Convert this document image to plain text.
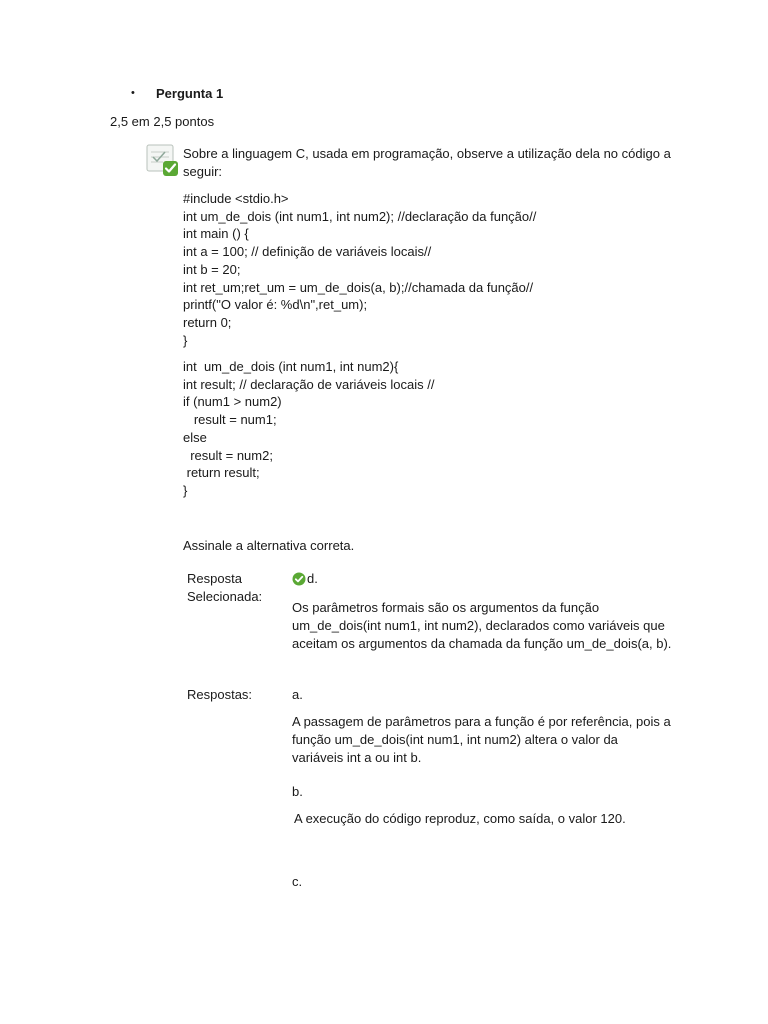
• Pergunta 1
2,5 em 2,5 pontos
Sobre a linguagem C, usada em programação, observe a utilização dela no código a seguir:
#include <stdio.h>
int um_de_dois (int num1, int num2); //declaração da função//
int main () {
int a = 100; // definição de variáveis locais//
int b = 20;
int ret_um;ret_um = um_de_dois(a, b);//chamada da função//
printf("O valor é: %d\n",ret_um);
return 0;
}
int  um_de_dois (int num1, int num2){
int result; // declaração de variáveis locais //
if (num1 > num2)
result = num1;
else
result = num2;
return result;
}
Assinale a alternativa correta.
Resposta Selecionada:
d.
Os parâmetros formais são os argumentos da função um_de_dois(int num1, int num2), declarados como variáveis que aceitam os argumentos da chamada da função um_de_dois(a, b).
Respostas:	a.
A passagem de parâmetros para a função é por referência, pois a função um_de_dois(int num1, int num2) altera o valor da variáveis int a ou int b.
b.
A execução do código reproduz, como saída, o valor 120.
c.
